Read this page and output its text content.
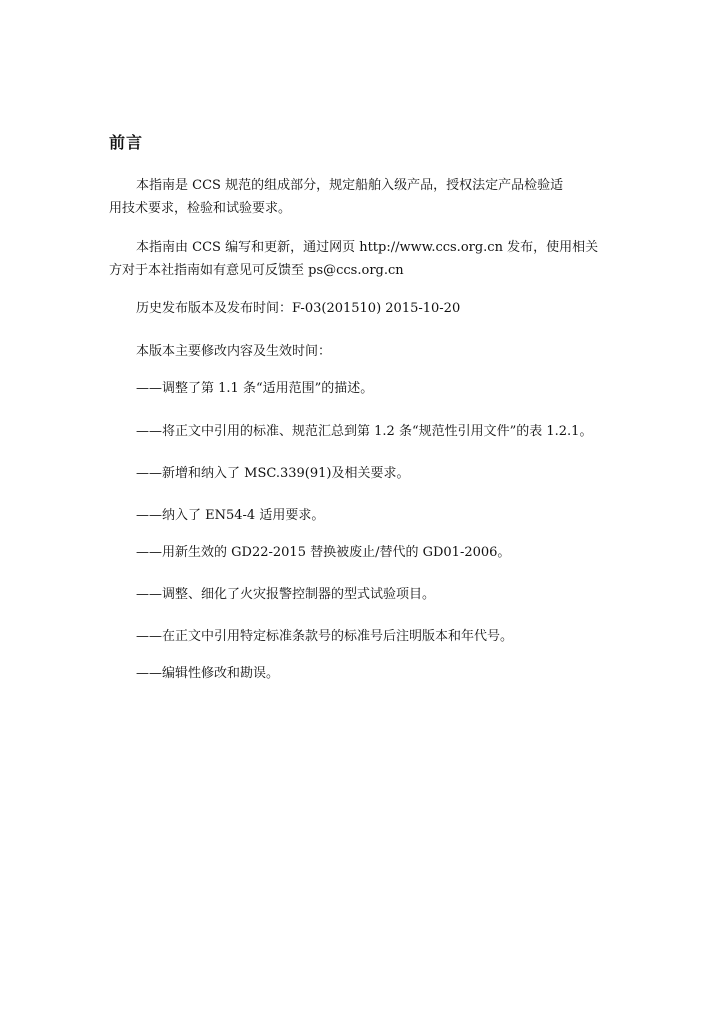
前言
本指南是 CCS 规范的组成部分，规定船舶入级产品，授权法定产品检验适
用技术要求，检验和试验要求。
本指南由 CCS 编写和更新，通过网页 http://www.ccs.org.cn 发布，使用相关
方对于本社指南如有意见可反馈至 ps@ccs.org.cn

历史发布版本及发布时间：F-03(201510) 2015-10-20

本版本主要修改内容及生效时间：

——调整了第 1.1 条“适用范围”的描述。

——将正文中引用的标准、规范汇总到第 1.2 条“规范性引用文件”的表 1.2.1。

——新增和纳入了 MSC.339(91)及相关要求。

——纳入了 EN54-4 适用要求。

——用新生效的 GD22-2015 替换被废止/替代的 GD01-2006。

——调整、细化了火灾报警控制器的型式试验项目。

——在正文中引用特定标准条款号的标准号后注明版本和年代号。

——编辑性修改和勘误。
